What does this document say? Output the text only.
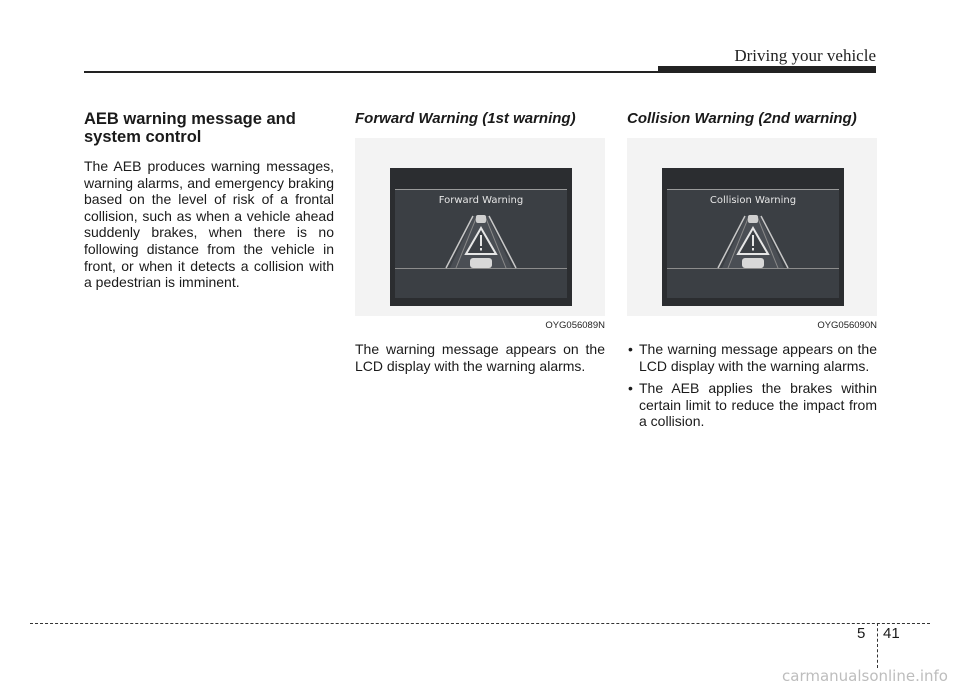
Driving your vehicle
AEB warning message and system control

The AEB produces warning messages, warning alarms, and emergency braking based on the level of risk of a frontal collision, such as when a vehicle ahead suddenly brakes, when there is no following distance from the vehicle in front, or when it detects a collision with a pedestrian is imminent.

Forward Warning (1st warning)
Forward Warning
OYG056089N

The warning message appears on the LCD display with the warning alarms.

Collision Warning (2nd warning)
Collision Warning
OYG056090N
• The warning message appears on the LCD display with the warning alarms.
• The AEB applies the brakes within certain limit to reduce the impact from a collision.
5 41
carmanualsonline.info
